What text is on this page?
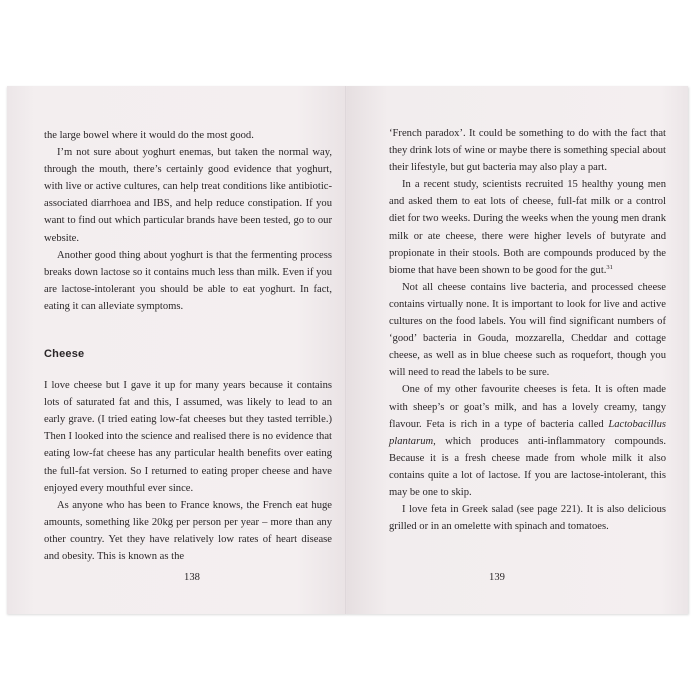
the large bowel where it would do the most good.

I’m not sure about yoghurt enemas, but taken the normal way, through the mouth, there’s certainly good evidence that yoghurt, with live or active cultures, can help treat conditions like antibiotic-associated diarrhoea and IBS, and help reduce constipation. If you want to find out which particular brands have been tested, go to our website.

Another good thing about yoghurt is that the fermenting process breaks down lactose so it contains much less than milk. Even if you are lactose-intolerant you should be able to eat yoghurt. In fact, eating it can alleviate symptoms.

Cheese

I love cheese but I gave it up for many years because it contains lots of saturated fat and this, I assumed, was likely to lead to an early grave. (I tried eating low-fat cheeses but they tasted terrible.) Then I looked into the science and realised there is no evidence that eating low-fat cheese has any particular health benefits over eating the full-fat version. So I returned to eating proper cheese and have enjoyed every mouthful ever since.

As anyone who has been to France knows, the French eat huge amounts, something like 20kg per person per year – more than any other country. Yet they have relatively low rates of heart disease and obesity. This is known as the

138

‘French paradox’. It could be something to do with the fact that they drink lots of wine or maybe there is something special about their lifestyle, but gut bacteria may also play a part.

In a recent study, scientists recruited 15 healthy young men and asked them to eat lots of cheese, full-fat milk or a control diet for two weeks. During the weeks when the young men drank milk or ate cheese, there were higher levels of butyrate and propionate in their stools. Both are compounds produced by the biome that have been shown to be good for the gut.$^{31}$

Not all cheese contains live bacteria, and processed cheese contains virtually none. It is important to look for live and active cultures on the food labels. You will find significant numbers of ‘good’ bacteria in Gouda, mozzarella, Cheddar and cottage cheese, as well as in blue cheese such as roquefort, though you will need to read the labels to be sure.

One of my other favourite cheeses is feta. It is often made with sheep’s or goat’s milk, and has a lovely creamy, tangy flavour. Feta is rich in a type of bacteria called Lactobacillus plantarum, which produces anti-inflammatory compounds. Because it is a fresh cheese made from whole milk it also contains quite a lot of lactose. If you are lactose-intolerant, this may be one to skip.

I love feta in Greek salad (see page 221). It is also delicious grilled or in an omelette with spinach and tomatoes.

139
